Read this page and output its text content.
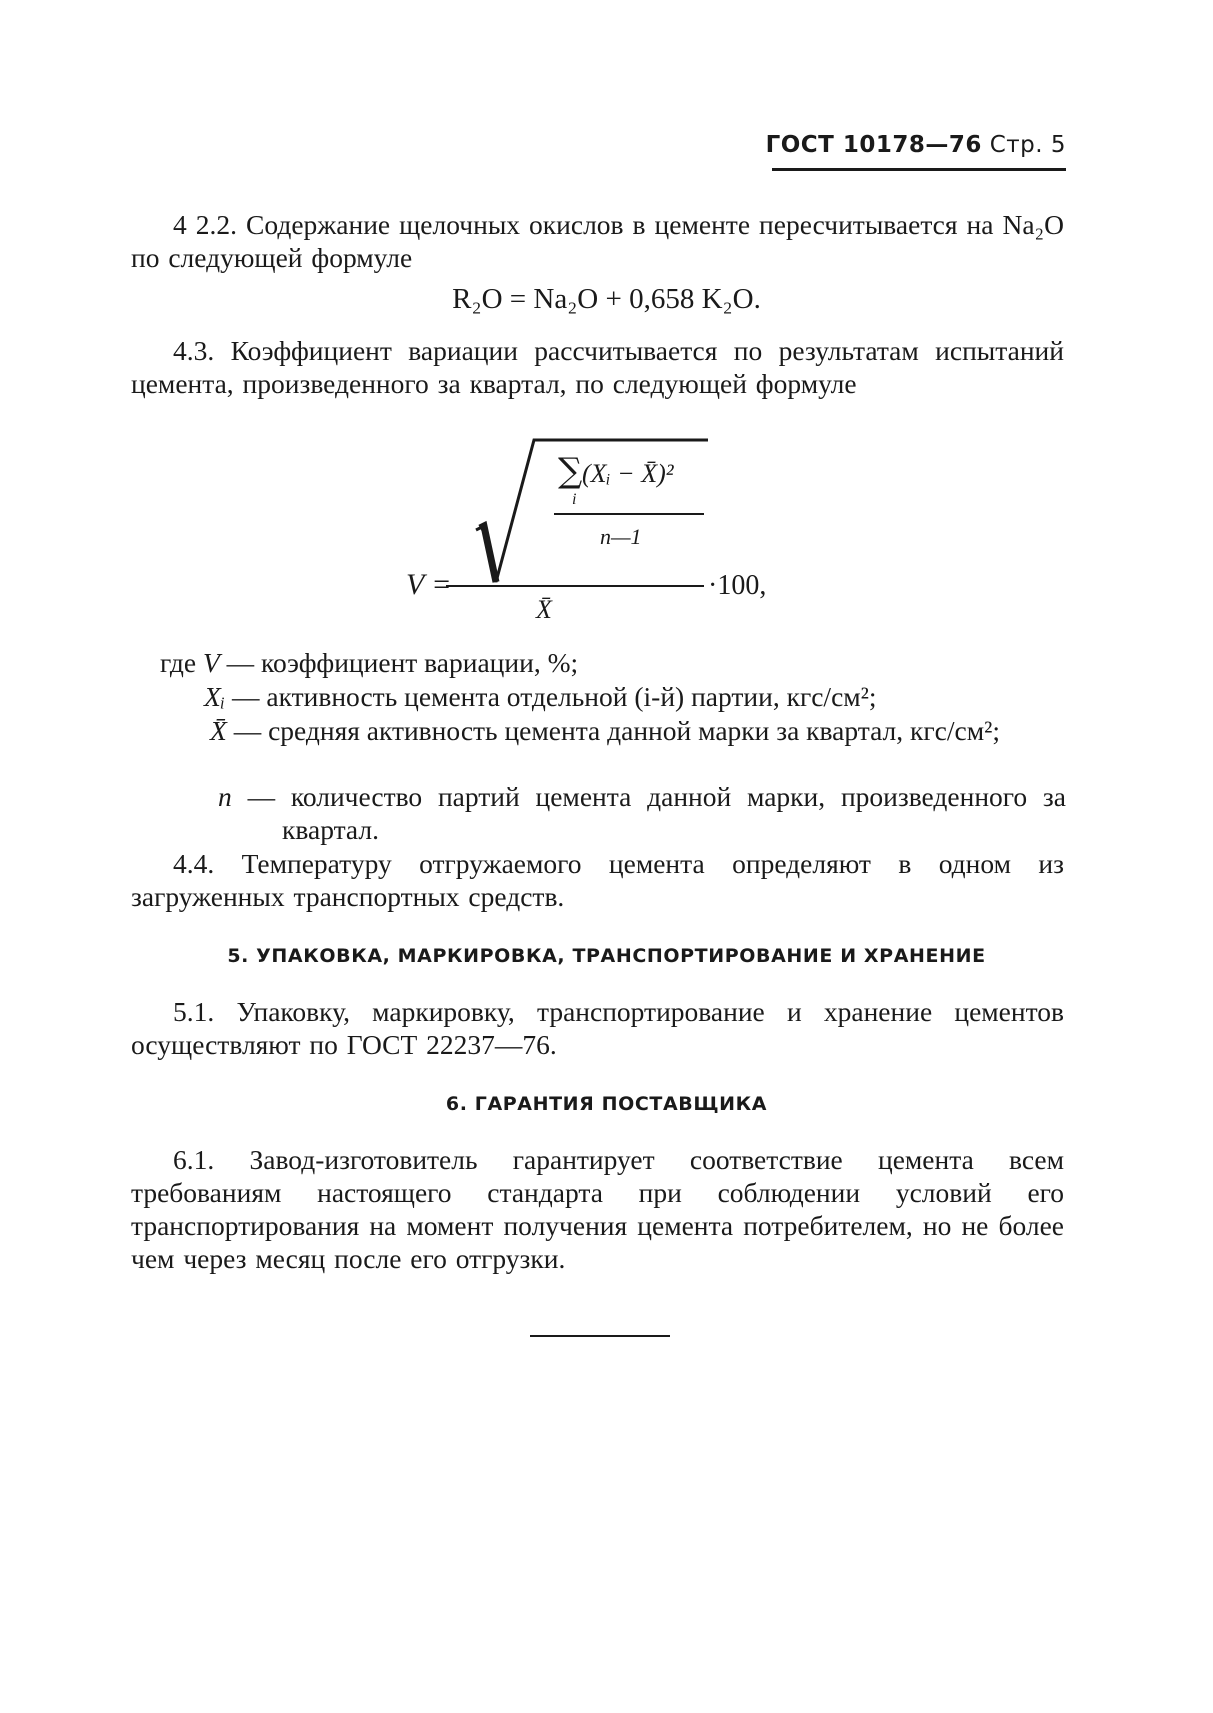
ГОСТ 10178—76 Стр. 5
4 2.2. Содержание щелочных окислов в цементе пересчитывается на Na₂O по следующей формуле
R₂O = Na₂O + 0,658 K₂O.
4.3. Коэффициент вариации рассчитывается по результатам испытаний цемента, произведенного за квартал, по следующей формуле
V =
∑ (Xᵢ − X̄)²
i
n—1
X̄
·100,
где V — коэффициент вариации, %;
Xᵢ — активность цемента отдельной (i-й) партии, кгс/см²;
X̄ — средняя активность цемента данной марки за квартал, кгс/см²;
n — количество партий цемента данной марки, произведенного за квартал.
4.4. Температуру отгружаемого цемента определяют в одном из загруженных транспортных средств.
5. УПАКОВКА, МАРКИРОВКА, ТРАНСПОРТИРОВАНИЕ И ХРАНЕНИЕ
5.1. Упаковку, маркировку, транспортирование и хранение цементов осуществляют по ГОСТ 22237—76.
6. ГАРАНТИЯ ПОСТАВЩИКА
6.1. Завод-изготовитель гарантирует соответствие цемента всем требованиям настоящего стандарта при соблюдении условий его транспортирования на момент получения цемента потребителем, но не более чем через месяц после его отгрузки.
